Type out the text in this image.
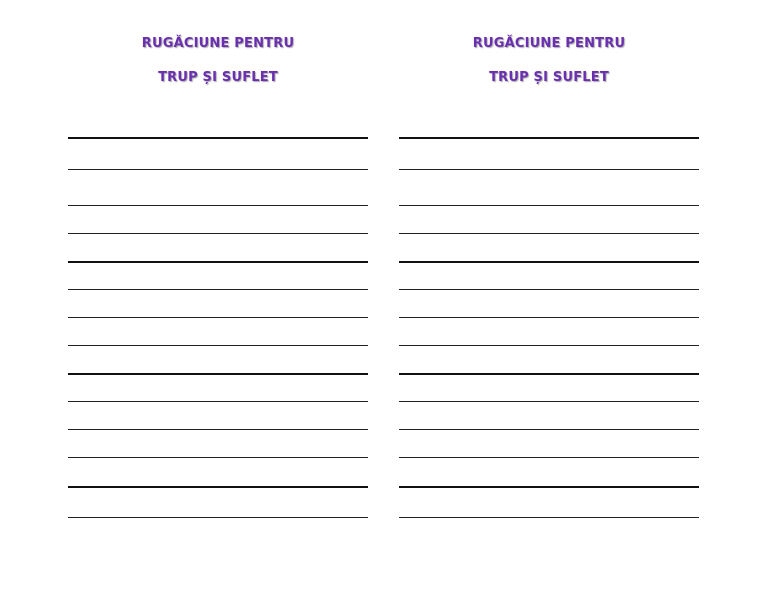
RUGĂCIUNE PENTRU
TRUP ȘI SUFLET
RUGĂCIUNE PENTRU
TRUP ȘI SUFLET
